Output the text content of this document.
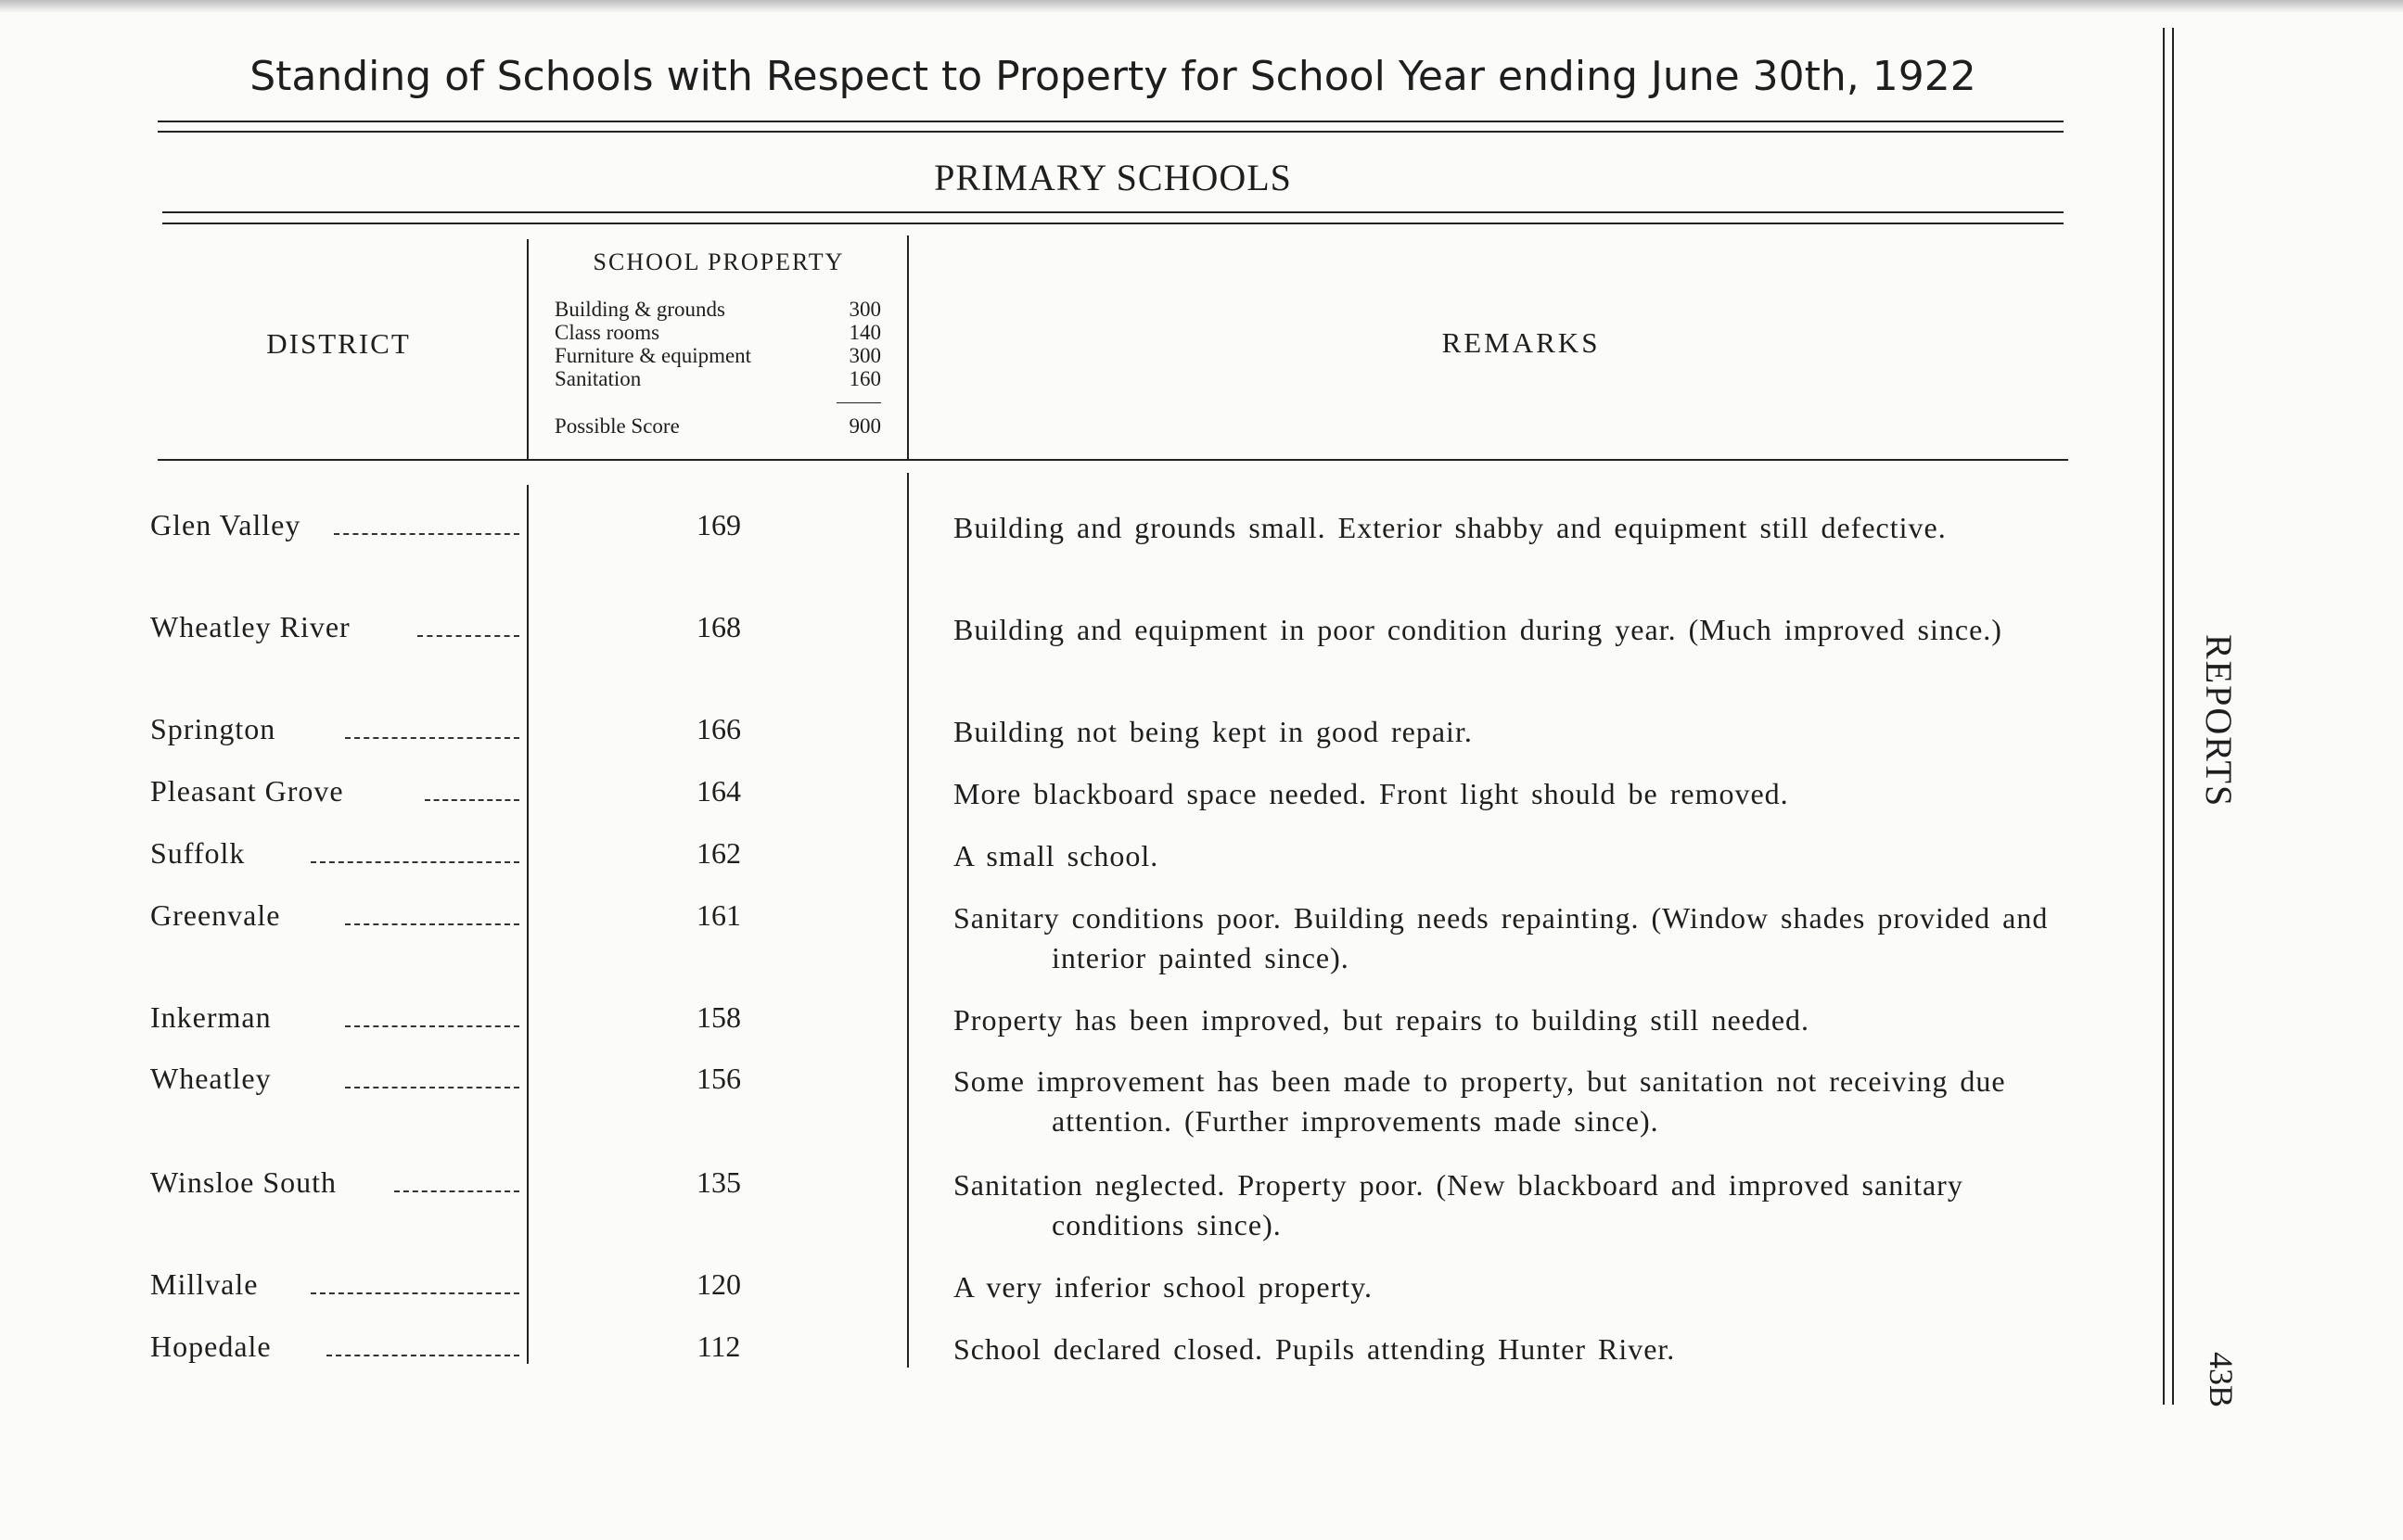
Standing of Schools with Respect to Property for School Year ending June 30th, 1922
PRIMARY SCHOOLS
DISTRICT
SCHOOL PROPERTY
Building & grounds	300
Class rooms	140
Furniture & equipment	300
Sanitation	160
Possible Score	900
REMARKS
Glen Valley	169	Building and grounds small. Exterior shabby and equipment still defective.
Wheatley River	168	Building and equipment in poor condition during year. (Much improved since.)
Springton	166	Building not being kept in good repair.
Pleasant Grove	164	More blackboard space needed. Front light should be removed.
Suffolk	162	A small school.
Greenvale	161	Sanitary conditions poor. Building needs repainting. (Window shades provided and interior painted since).
Inkerman	158	Property has been improved, but repairs to building still needed.
Wheatley	156	Some improvement has been made to property, but sanitation not receiving due attention. (Further improvements made since).
Winsloe South	135	Sanitation neglected. Property poor. (New blackboard and improved sanitary conditions since).
Millvale	120	A very inferior school property.
Hopedale	112	School declared closed. Pupils attending Hunter River.
REPORTS
43B
